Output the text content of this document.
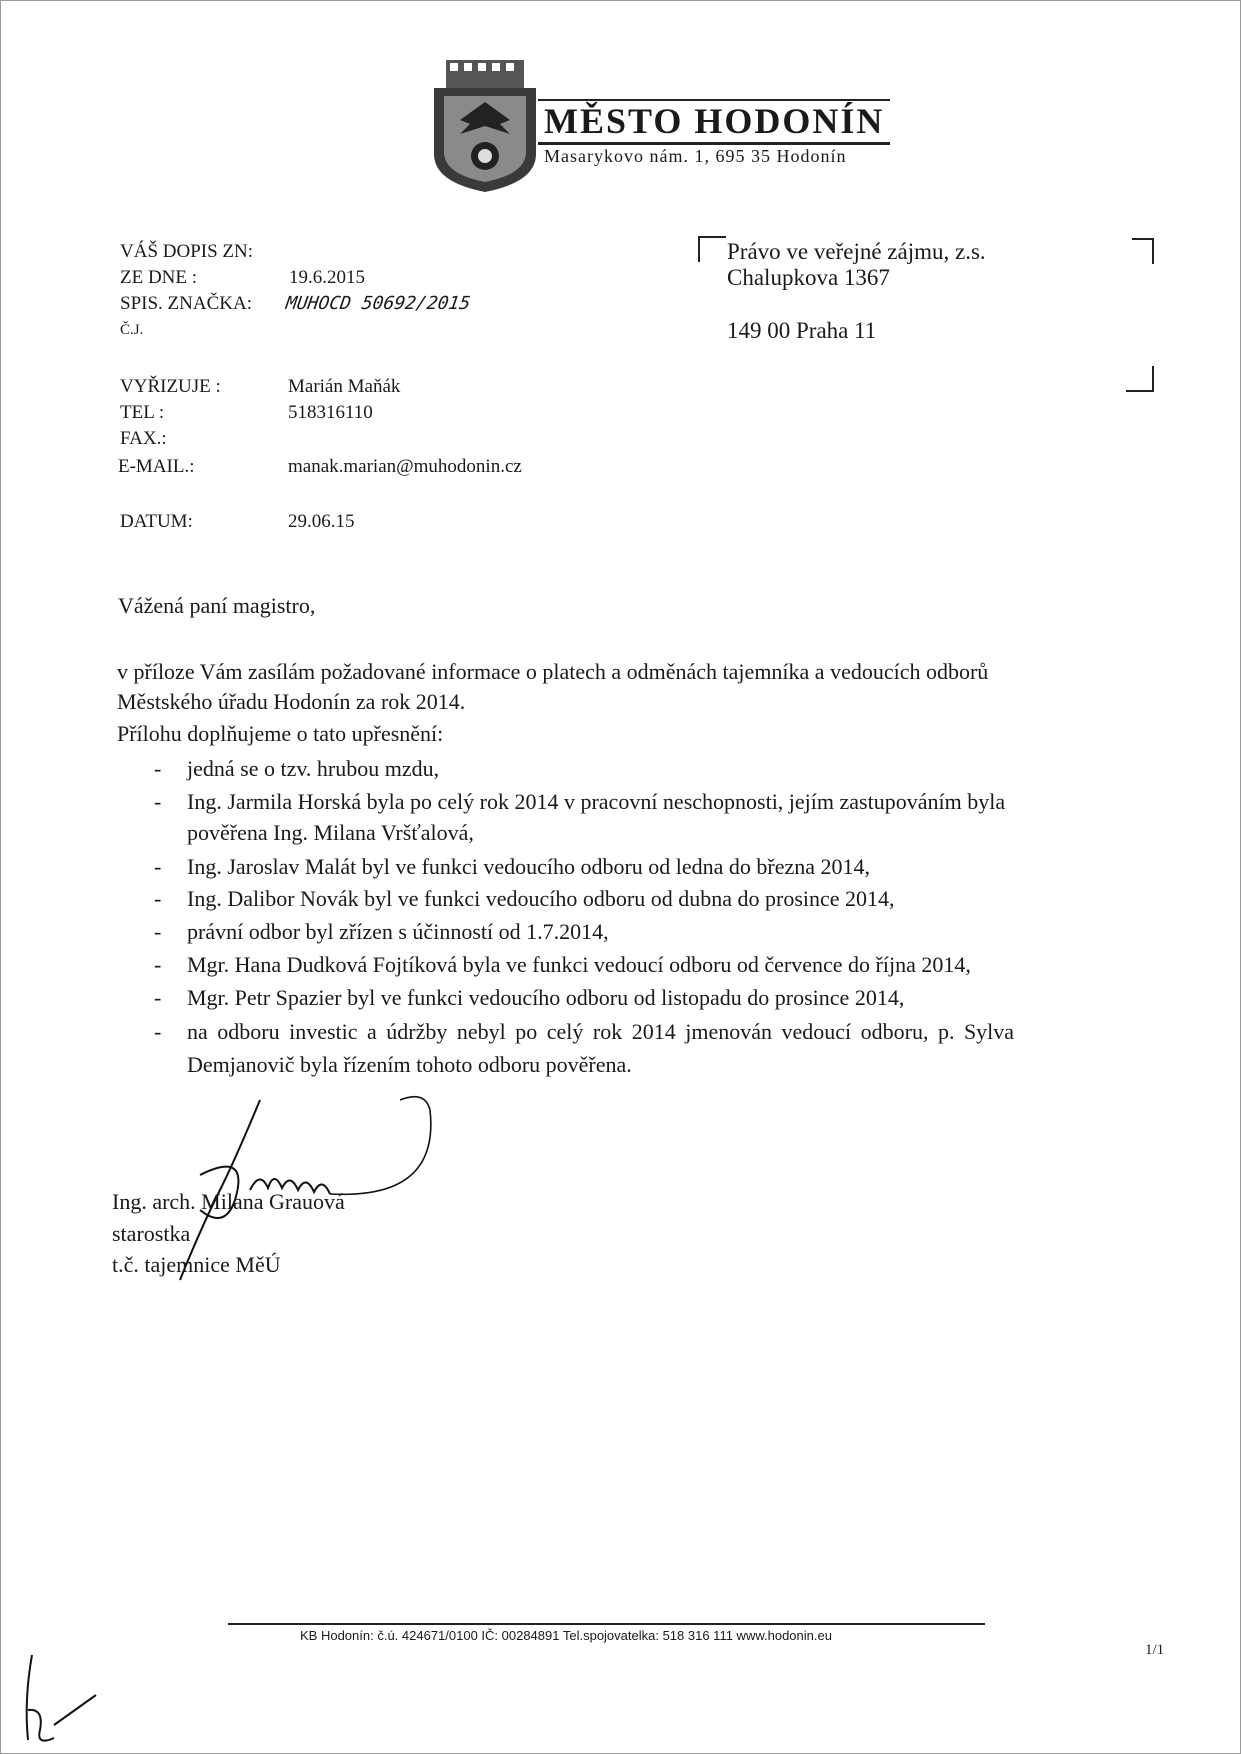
MĚSTO HODONÍN
Masarykovo nám. 1, 695 35 Hodonín
VÁŠ DOPIS ZN:
ZE DNE :	19.6.2015
SPIS. ZNAČKA: MUHOCD 50692/2015
Č.J.
VYŘIZUJE :	Marián Maňák
TEL :	518316110
FAX.:
E-MAIL.:	manak.marian@muhodonin.cz
DATUM:	29.06.15
Právo ve veřejné zájmu, z.s.
Chalupkova 1367
149 00 Praha 11
Vážená paní magistro,
v příloze Vám zasílám požadované informace o platech a odměnách tajemníka a vedoucích odborů
Městského úřadu Hodonín za rok 2014.
Přílohu doplňujeme o tato upřesnění:
- jedná se o tzv. hrubou mzdu,
- Ing. Jarmila Horská byla po celý rok 2014 v pracovní neschopnosti, jejím zastupováním byla
pověřena Ing. Milana Vršťalová,
- Ing. Jaroslav Malát byl ve funkci vedoucího odboru od ledna do března 2014,
- Ing. Dalibor Novák byl ve funkci vedoucího odboru od dubna do prosince 2014,
- právní odbor byl zřízen s účinností od 1.7.2014,
- Mgr. Hana Dudková Fojtíková byla ve funkci vedoucí odboru od července do října 2014,
- Mgr. Petr Spazier byl ve funkci vedoucího odboru od listopadu do prosince 2014,
- na odboru investic a údržby nebyl po celý rok 2014 jmenován vedoucí odboru, p. Sylva
Demjanovič byla řízením tohoto odboru pověřena.
Ing. arch. Milana Grauová
starostka
t.č. tajemnice MěÚ
KB Hodonín: č.ú. 424671/0100 IČ: 00284891 Tel.spojovatelka: 518 316 111 www.hodonin.eu
1/1
